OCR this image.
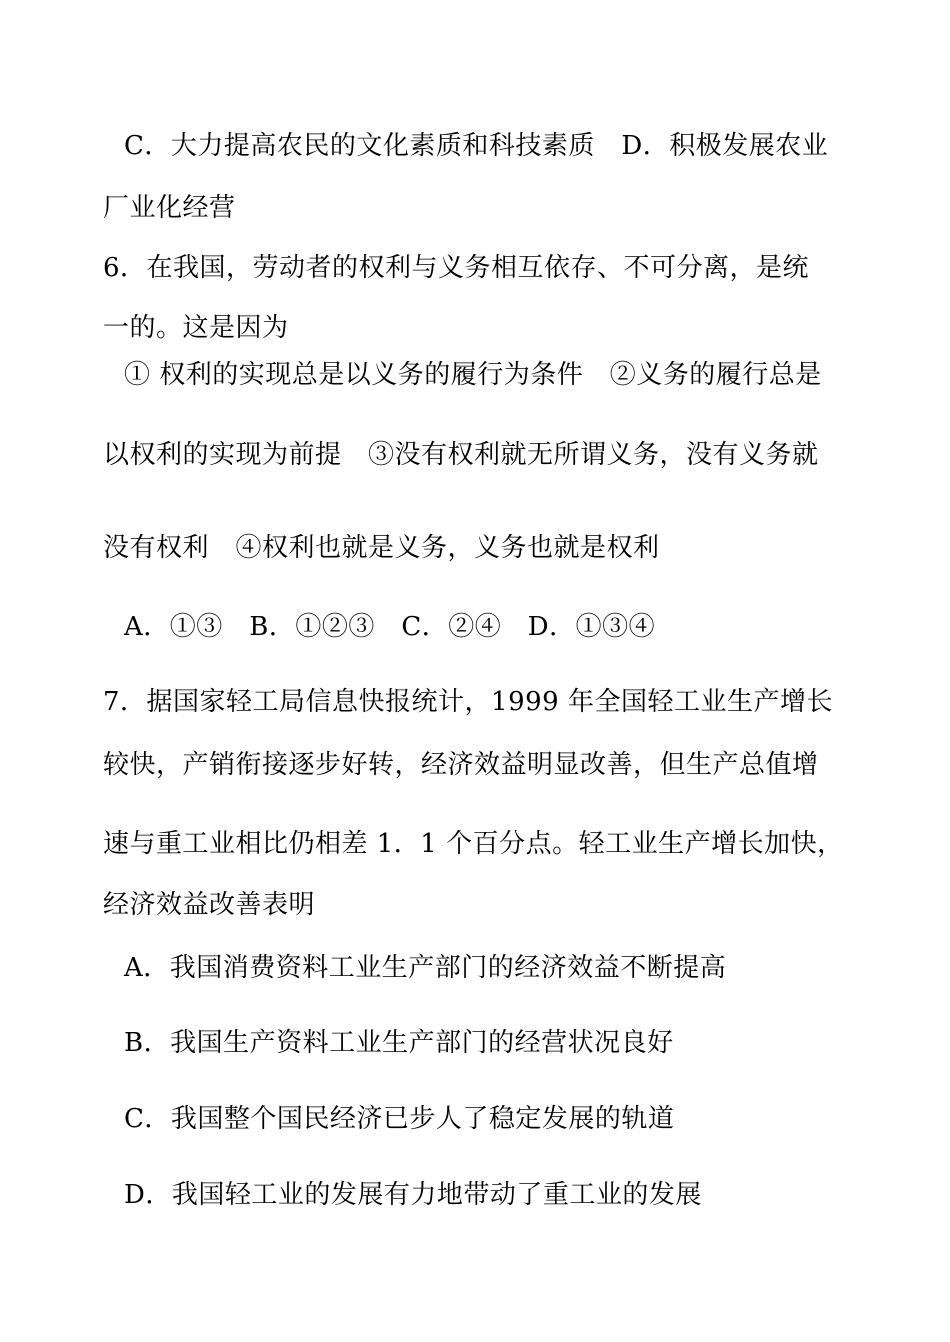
C．大力提高农民的文化素质和科技素质　D．积极发展农业
厂业化经营
6．在我国，劳动者的权利与义务相互依存、不可分离，是统
一的。这是因为
① 权利的实现总是以义务的履行为条件　②义务的履行总是
以权利的实现为前提　③没有权利就无所谓义务，没有义务就
没有权利　④权利也就是义务，义务也就是权利
A．①③　B．①②③　C．②④　D．①③④
7．据国家轻工局信息快报统计，1999 年全国轻工业生产增长
较快，产销衔接逐步好转，经济效益明显改善，但生产总值增
速与重工业相比仍相差 1．1 个百分点。轻工业生产增长加快，
经济效益改善表明
A．我国消费资料工业生产部门的经济效益不断提高
B．我国生产资料工业生产部门的经营状况良好
C．我国整个国民经济已步人了稳定发展的轨道
D．我国轻工业的发展有力地带动了重工业的发展
